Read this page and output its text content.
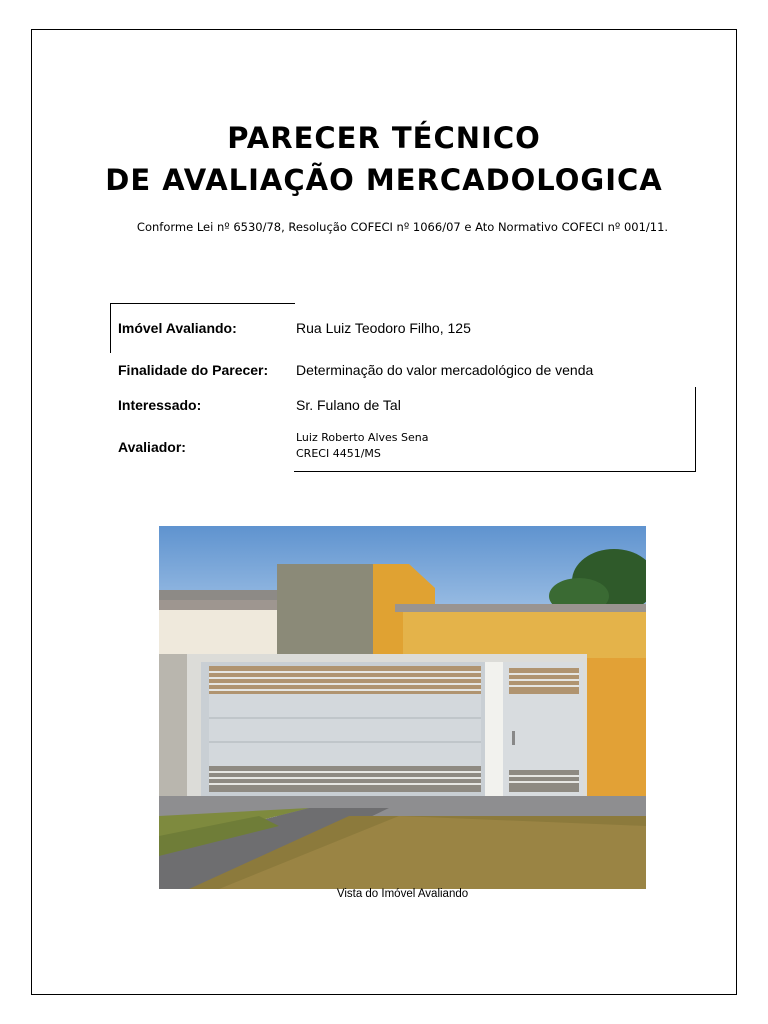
PARECER TÉCNICO
DE AVALIAÇÃO MERCADOLOGICA
Conforme Lei nº 6530/78, Resolução COFECI nº 1066/07 e Ato Normativo COFECI nº 001/11.
Imóvel Avaliando:	Rua Luiz Teodoro Filho, 125
Finalidade do Parecer: Determinação do valor mercadológico de venda
Interessado:	Sr. Fulano de Tal
Avaliador:
Luiz Roberto Alves Sena
CRECI 4451/MS
Vista do Imóvel Avaliando
